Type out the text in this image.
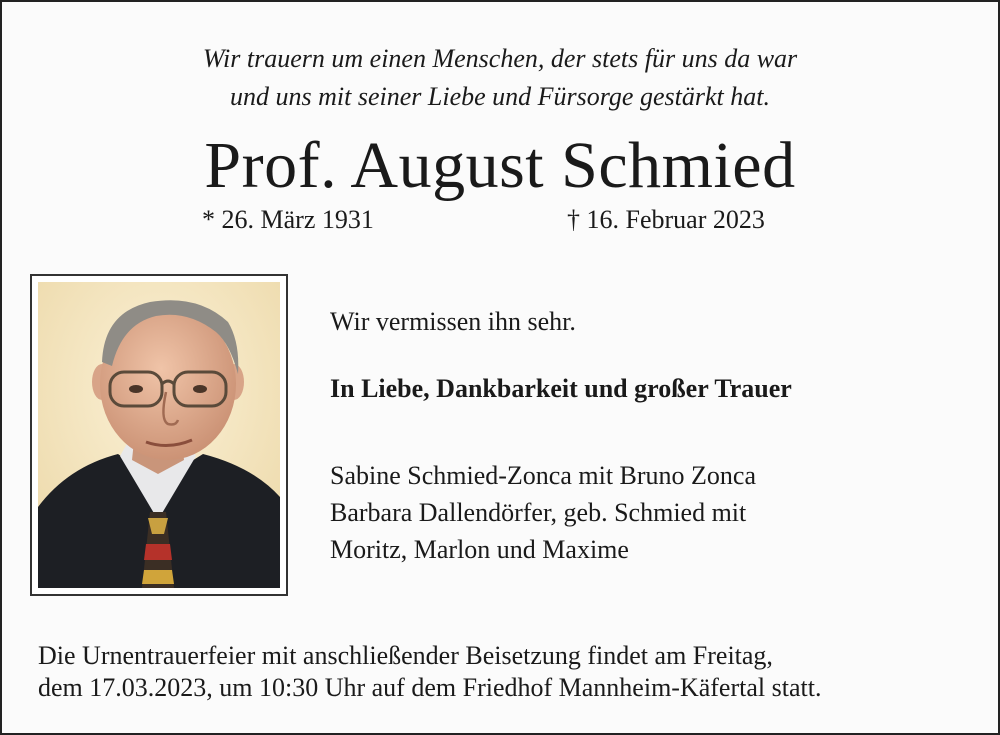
Wir trauern um einen Menschen, der stets für uns da war
und uns mit seiner Liebe und Fürsorge gestärkt hat.
Prof. August Schmied
* 26. März 1931	† 16. Februar 2023
Wir vermissen ihn sehr.
In Liebe, Dankbarkeit und großer Trauer
Sabine Schmied-Zonca mit Bruno Zonca
Barbara Dallendörfer, geb. Schmied mit
Moritz, Marlon und Maxime
Die Urnentrauerfeier mit anschließender Beisetzung findet am Freitag,
dem 17.03.2023, um 10:30 Uhr auf dem Friedhof Mannheim-Käfertal statt.
